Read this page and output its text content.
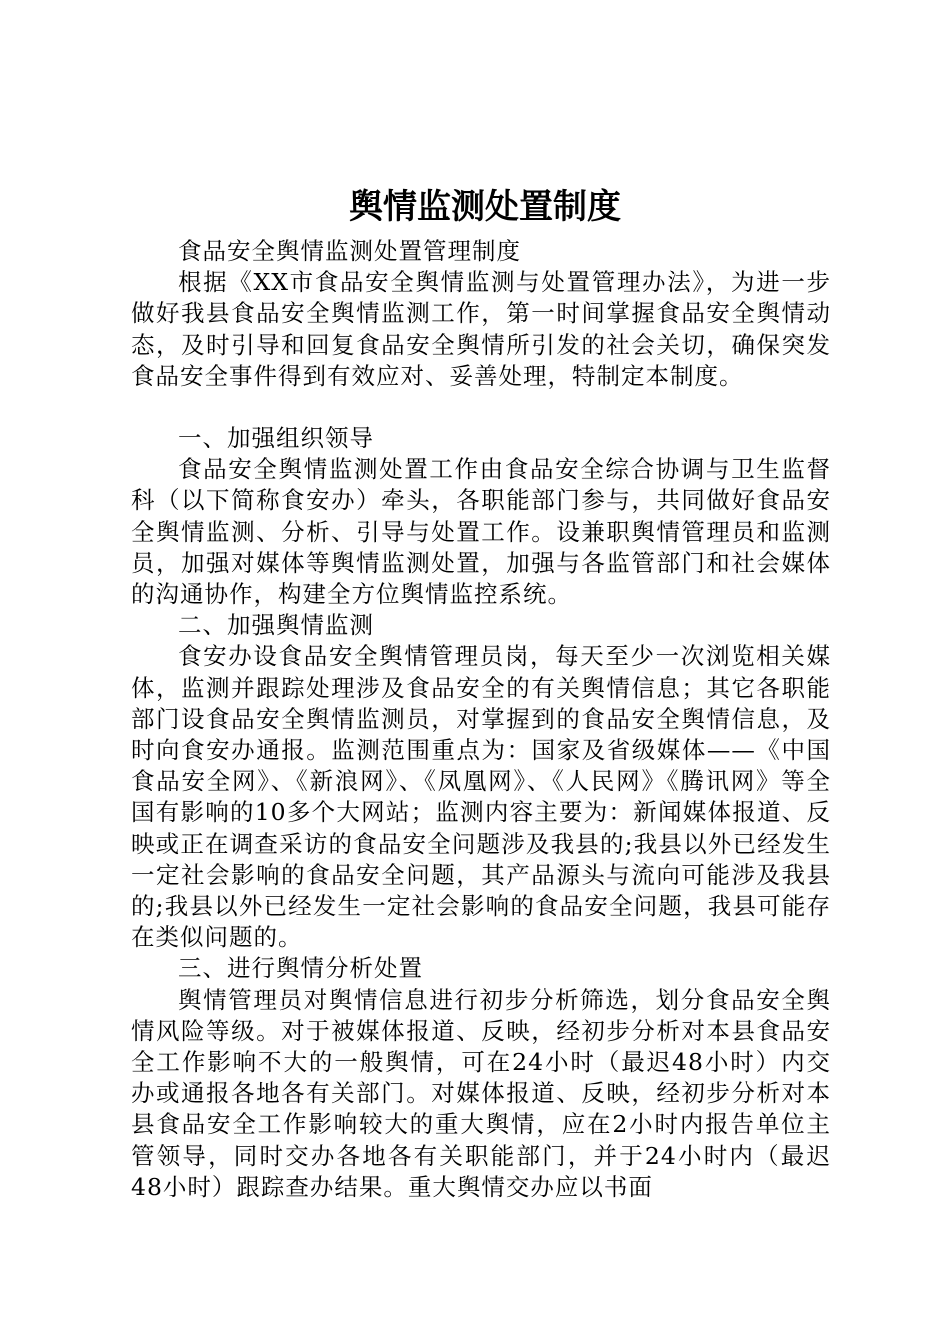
舆情监测处置制度

食品安全舆情监测处置管理制度

根据《XX市食品安全舆情监测与处置管理办法》，为进一步做好我县食品安全舆情监测工作，第一时间掌握食品安全舆情动态，及时引导和回复食品安全舆情所引发的社会关切，确保突发食品安全事件得到有效应对、妥善处理，特制定本制度。

一、加强组织领导

食品安全舆情监测处置工作由食品安全综合协调与卫生监督科（以下简称食安办）牵头，各职能部门参与，共同做好食品安全舆情监测、分析、引导与处置工作。设兼职舆情管理员和监测员，加强对媒体等舆情监测处置，加强与各监管部门和社会媒体的沟通协作，构建全方位舆情监控系统。

二、加强舆情监测

食安办设食品安全舆情管理员岗，每天至少一次浏览相关媒体，监测并跟踪处理涉及食品安全的有关舆情信息；其它各职能部门设食品安全舆情监测员，对掌握到的食品安全舆情信息，及时向食安办通报。监测范围重点为：国家及省级媒体——《中国食品安全网》、《新浪网》、《凤凰网》、《人民网》《腾讯网》等全国有影响的10多个大网站；监测内容主要为：新闻媒体报道、反映或正在调查采访的食品安全问题涉及我县的;我县以外已经发生一定社会影响的食品安全问题，其产品源头与流向可能涉及我县的;我县以外已经发生一定社会影响的食品安全问题，我县可能存在类似问题的。

三、进行舆情分析处置

舆情管理员对舆情信息进行初步分析筛选，划分食品安全舆情风险等级。对于被媒体报道、反映，经初步分析对本县食品安全工作影响不大的一般舆情，可在24小时（最迟48小时）内交办或通报各地各有关部门。对媒体报道、反映，经初步分析对本县食品安全工作影响较大的重大舆情，应在2小时内报告单位主管领导，同时交办各地各有关职能部门，并于24小时内（最迟48小时）跟踪查办结果。重大舆情交办应以书面
